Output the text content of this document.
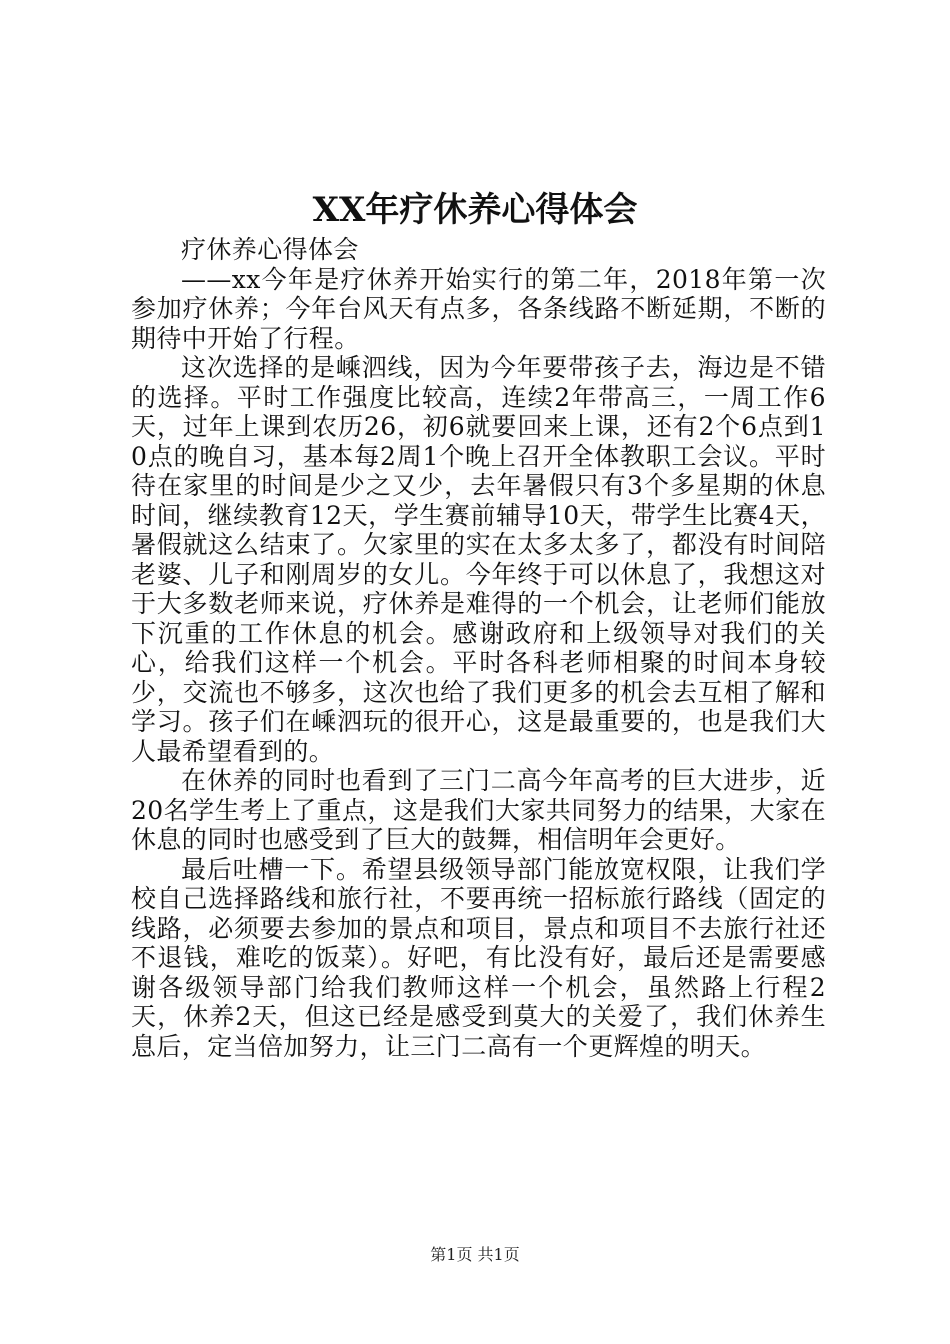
XX年疗休养心得体会

疗休养心得体会

——xx今年是疗休养开始实行的第二年，2018年第一次参加疗休养；今年台风天有点多，各条线路不断延期，不断的期待中开始了行程。

这次选择的是嵊泗线，因为今年要带孩子去，海边是不错的选择。平时工作强度比较高，连续2年带高三，一周工作6天，过年上课到农历26，初6就要回来上课，还有2个6点到10点的晚自习，基本每2周1个晚上召开全体教职工会议。平时待在家里的时间是少之又少，去年暑假只有3个多星期的休息时间，继续教育12天，学生赛前辅导10天，带学生比赛4天，暑假就这么结束了。欠家里的实在太多太多了，都没有时间陪老婆、儿子和刚周岁的女儿。今年终于可以休息了，我想这对于大多数老师来说，疗休养是难得的一个机会，让老师们能放下沉重的工作休息的机会。感谢政府和上级领导对我们的关心，给我们这样一个机会。平时各科老师相聚的时间本身较少，交流也不够多，这次也给了我们更多的机会去互相了解和学习。孩子们在嵊泗玩的很开心，这是最重要的，也是我们大人最希望看到的。

在休养的同时也看到了三门二高今年高考的巨大进步，近20名学生考上了重点，这是我们大家共同努力的结果，大家在休息的同时也感受到了巨大的鼓舞，相信明年会更好。

最后吐槽一下。希望县级领导部门能放宽权限，让我们学校自己选择路线和旅行社，不要再统一招标旅行路线（固定的线路，必须要去参加的景点和项目，景点和项目不去旅行社还不退钱，难吃的饭菜）。好吧，有比没有好，最后还是需要感谢各级领导部门给我们教师这样一个机会，虽然路上行程2天，休养2天，但这已经是感受到莫大的关爱了，我们休养生息后，定当倍加努力，让三门二高有一个更辉煌的明天。

第1页 共1页
